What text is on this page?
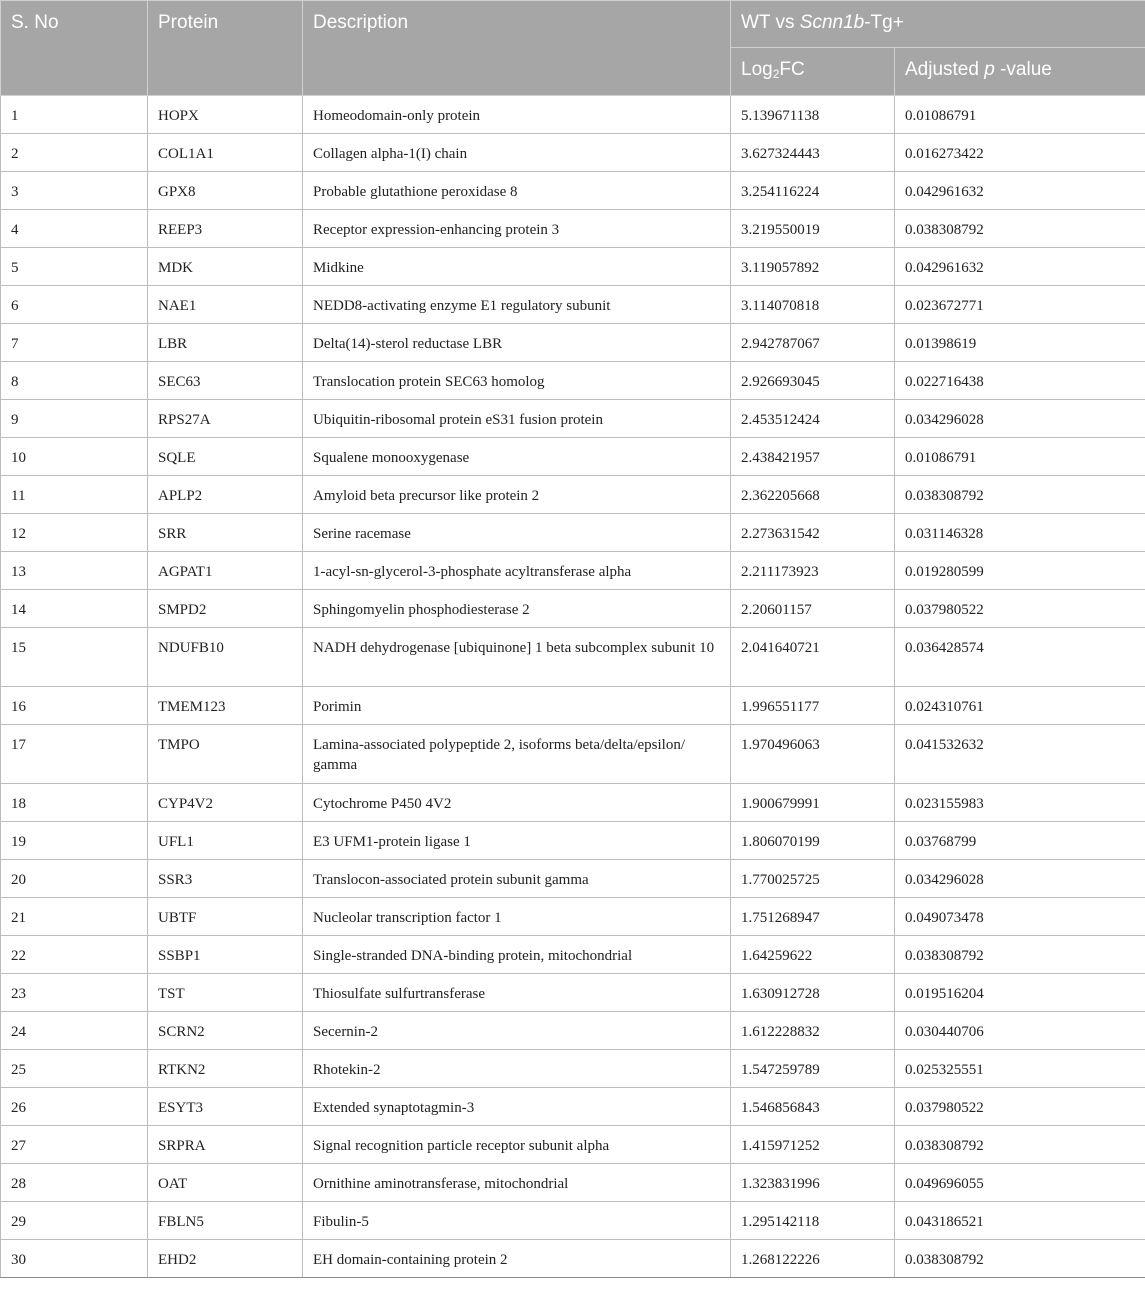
S. No	Protein	Description	WT vs Scnn1b-Tg+	
			Log$_2$FC	Adjusted p -value
1	HOPX	Homeodomain-only protein	5.139671138	0.01086791
2	COL1A1	Collagen alpha-1(I) chain	3.627324443	0.016273422
3	GPX8	Probable glutathione peroxidase 8	3.254116224	0.042961632
4	REEP3	Receptor expression-enhancing protein 3	3.219550019	0.038308792
5	MDK	Midkine	3.119057892	0.042961632
6	NAE1	NEDD8-activating enzyme E1 regulatory subunit	3.114070818	0.023672771
7	LBR	Delta(14)-sterol reductase LBR	2.942787067	0.01398619
8	SEC63	Translocation protein SEC63 homolog	2.926693045	0.022716438
9	RPS27A	Ubiquitin-ribosomal protein eS31 fusion protein	2.453512424	0.034296028
10	SQLE	Squalene monooxygenase	2.438421957	0.01086791
11	APLP2	Amyloid beta precursor like protein 2	2.362205668	0.038308792
12	SRR	Serine racemase	2.273631542	0.031146328
13	AGPAT1	1-acyl-sn-glycerol-3-phosphate acyltransferase alpha	2.211173923	0.019280599
14	SMPD2	Sphingomyelin phosphodiesterase 2	2.20601157	0.037980522
15	NDUFB10	NADH dehydrogenase [ubiquinone] 1 beta subcomplex subunit 10	2.041640721	0.036428574
16	TMEM123	Porimin	1.996551177	0.024310761
17	TMPO	Lamina-associated polypeptide 2, isoforms beta/delta/epsilon/ gamma	1.970496063	0.041532632
18	CYP4V2	Cytochrome P450 4V2	1.900679991	0.023155983
19	UFL1	E3 UFM1-protein ligase 1	1.806070199	0.03768799
20	SSR3	Translocon-associated protein subunit gamma	1.770025725	0.034296028
21	UBTF	Nucleolar transcription factor 1	1.751268947	0.049073478
22	SSBP1	Single-stranded DNA-binding protein, mitochondrial	1.64259622	0.038308792
23	TST	Thiosulfate sulfurtransferase	1.630912728	0.019516204
24	SCRN2	Secernin-2	1.612228832	0.030440706
25	RTKN2	Rhotekin-2	1.547259789	0.025325551
26	ESYT3	Extended synaptotagmin-3	1.546856843	0.037980522
27	SRPRA	Signal recognition particle receptor subunit alpha	1.415971252	0.038308792
28	OAT	Ornithine aminotransferase, mitochondrial	1.323831996	0.049696055
29	FBLN5	Fibulin-5	1.295142118	0.043186521
30	EHD2	EH domain-containing protein 2	1.268122226	0.038308792
